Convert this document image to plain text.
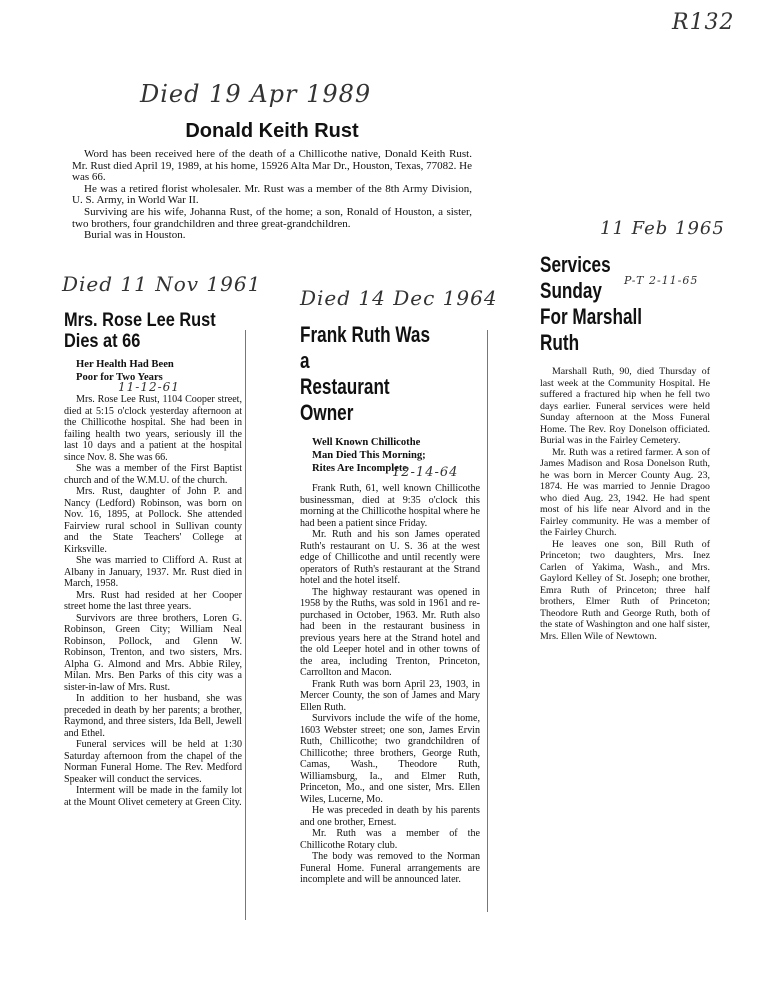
R132
Died 19 Apr 1989
Donald Keith Rust

Word has been received here of the death of a Chillicothe native, Donald Keith Rust. Mr. Rust died April 19, 1989, at his home, 15926 Alta Mar Dr., Houston, Texas, 77082. He was 66.

He was a retired florist wholesaler. Mr. Rust was a member of the 8th Army Division, U. S. Army, in World War II.

Surviving are his wife, Johanna Rust, of the home; a son, Ronald of Houston, a sister, two brothers, four grandchildren and three great-grandchildren.

Burial was in Houston.

Died 11 Nov 1961
Mrs. Rose Lee Rust
Dies at 66
Her Health Had Been
Poor for Two Years
11-12-61

Mrs. Rose Lee Rust, 1104 Cooper street, died at 5:15 o'clock yesterday afternoon at the Chillicothe hospital. She had been in failing health two years, seriously ill the last 10 days and a patient at the hospital since Nov. 8. She was 66.

She was a member of the First Baptist church and of the W.M.U. of the church.

Mrs. Rust, daughter of John P. and Nancy (Ledford) Robinson, was born on Nov. 16, 1895, at Pollock. She attended Fairview rural school in Sullivan county and the State Teachers' College at Kirksville.

She was married to Clifford A. Rust at Albany in January, 1937. Mr. Rust died in March, 1958.

Mrs. Rust had resided at her Cooper street home the last three years.

Survivors are three brothers, Loren G. Robinson, Green City; William Neal Robinson, Pollock, and Glenn W. Robinson, Trenton, and two sisters, Mrs. Alpha G. Almond and Mrs. Abbie Riley, Milan. Mrs. Ben Parks of this city was a sister-in-law of Mrs. Rust.

In addition to her husband, she was preceded in death by her parents; a brother, Raymond, and three sisters, Ida Bell, Jewell and Ethel.

Funeral services will be held at 1:30 Saturday afternoon from the chapel of the Norman Funeral Home. The Rev. Medford Speaker will conduct the services.

Interment will be made in the family lot at the Mount Olivet cemetery at Green City.

Died 14 Dec 1964
Frank Ruth Was a
Restaurant Owner
Well Known Chillicothe
Man Died This Morning;
Rites Are Incomplete
12-14-64

Frank Ruth, 61, well known Chillicothe businessman, died at 9:35 o'clock this morning at the Chillicothe hospital where he had been a patient since Friday.

Mr. Ruth and his son James operated Ruth's restaurant on U. S. 36 at the west edge of Chillicothe and until recently were operators of Ruth's restaurant at the Strand hotel and the hotel itself.

The highway restaurant was opened in 1958 by the Ruths, was sold in 1961 and re-purchased in October, 1963. Mr. Ruth also had been in the restaurant business in previous years here at the Strand hotel and the old Leeper hotel and in other towns of the area, including Trenton, Princeton, Carrollton and Macon.

Frank Ruth was born April 23, 1903, in Mercer County, the son of James and Mary Ellen Ruth.

Survivors include the wife of the home, 1603 Webster street; one son, James Ervin Ruth, Chillicothe; two grandchildren of Chillicothe; three brothers, George Ruth, Camas, Wash., Theodore Ruth, Williamsburg, Ia., and Elmer Ruth, Princeton, Mo., and one sister, Mrs. Ellen Wiles, Lucerne, Mo.

He was preceded in death by his parents and one brother, Ernest.

Mr. Ruth was a member of the Chillicothe Rotary club.

The body was removed to the Norman Funeral Home. Funeral arrangements are incomplete and will be announced later.

11 Feb 1965
Services Sunday
For Marshall Ruth
P-T 2-11-65

Marshall Ruth, 90, died Thursday of last week at the Community Hospital. He suffered a fractured hip when he fell two days earlier. Funeral services were held Sunday afternoon at the Moss Funeral Home. The Rev. Roy Donelson officiated. Burial was in the Fairley Cemetery.

Mr. Ruth was a retired farmer. A son of James Madison and Rosa Donelson Ruth, he was born in Mercer County Aug. 23, 1874. He was married to Jennie Dragoo who died Aug. 23, 1942. He had spent most of his life near Alvord and in the Fairley community. He was a member of the Fairley Church.

He leaves one son, Bill Ruth of Princeton; two daughters, Mrs. Inez Carlen of Yakima, Wash., and Mrs. Gaylord Kelley of St. Joseph; one brother, Emra Ruth of Princeton; three half brothers, Elmer Ruth of Princeton; Theodore Ruth and George Ruth, both of the state of Washington and one half sister, Mrs. Ellen Wile of Newtown.
